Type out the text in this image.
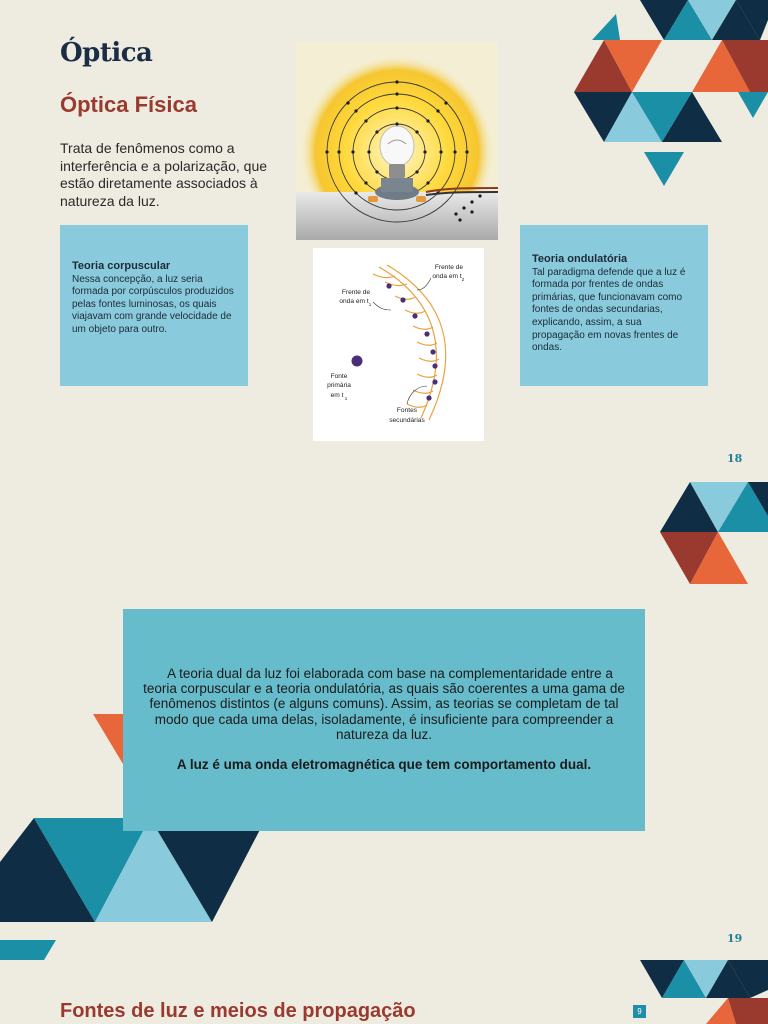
Óptica
Óptica Física

Trata de fenômenos como a interferência e a polarização, que estão diretamente associados à natureza da luz.

Frente de
onda em t 2
Frente de
onda em t 1
Fonte
primária
em t 1
Fontes
secundárias
Teoria corpuscular

Nessa concepção, a luz seria formada por corpúsculos produzidos pelas fontes luminosas, os quais viajavam com grande velocidade de um objeto para outro.

Teoria ondulatória

Tal paradigma defende que a luz é formada por frentes de ondas primárias, que funcionavam como fontes de ondas secundarias, explicando, assim, a sua propagação em novas frentes de ondas.

18

A teoria dual da luz foi elaborada com base na complementaridade entre a teoria corpuscular e a teoria ondulatória, as quais são coerentes a uma gama de fenômenos distintos (e alguns comuns). Assim, as teorias se completam de tal modo que cada uma delas, isoladamente, é insuficiente para compreender a natureza da luz.

A luz é uma onda eletromagnética que tem comportamento dual.

19
Fontes de luz e meios de propagação	9
